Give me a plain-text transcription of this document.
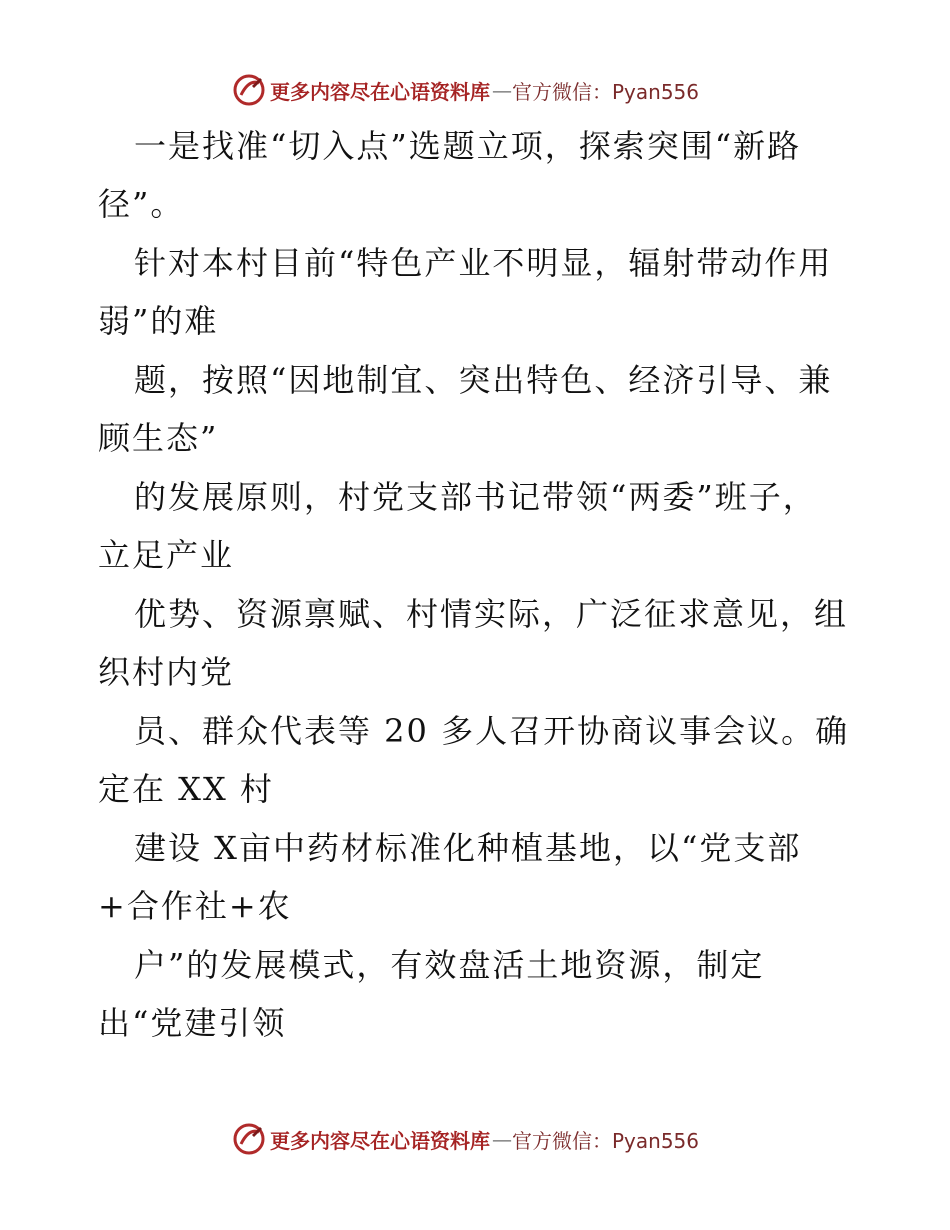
更多内容尽在心语资料库 — 官方微信：Pyan556
一是找准“切入点”选题立项，探索突围“新路
径”。
针对本村目前“特色产业不明显，辐射带动作用
弱”的难
题，按照“因地制宜、突出特色、经济引导、兼
顾生态”
的发展原则，村党支部书记带领“两委”班子，
立足产业
优势、资源禀赋、村情实际，广泛征求意见，组
织村内党
员、群众代表等 20 多人召开协商议事会议。确
定在 XX 村
建设 X亩中药材标准化种植基地，以“党支部
+合作社+农
户”的发展模式，有效盘活土地资源，制定
出“党建引领
更多内容尽在心语资料库 — 官方微信：Pyan556
